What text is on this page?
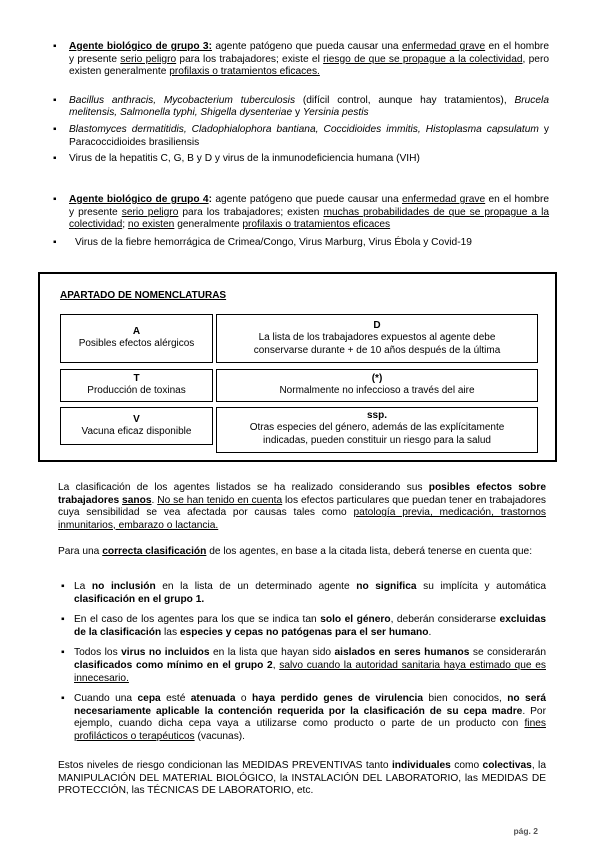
▪ Agente biológico de grupo 3: agente patógeno que pueda causar una enfermedad grave en el hombre y presente serio peligro para los trabajadores; existe el riesgo de que se propague a la colectividad, pero existen generalmente profilaxis o tratamientos eficaces.
▪ Bacillus anthracis, Mycobacterium tuberculosis (difícil control, aunque hay tratamientos), Brucela melitensis, Salmonella typhi, Shigella dysenteriae y Yersinia pestis
▪ Blastomyces dermatitidis, Cladophialophora bantiana, Coccidioides immitis, Histoplasma capsulatum y Paracoccidioides brasiliensis
▪ Virus de la hepatitis C, G, B y D y virus de la inmunodeficiencia humana (VIH)
▪ Agente biológico de grupo 4: agente patógeno que puede causar una enfermedad grave en el hombre y presente serio peligro para los trabajadores; existen muchas probabilidades de que se propague a la colectividad; no existen generalmente profilaxis o tratamientos eficaces
▪ Virus de la fiebre hemorrágica de Crimea/Congo, Virus Marburg, Virus Ébola y Covid-19
APARTADO DE NOMENCLATURAS
A
Posibles efectos alérgicos
D
La lista de los trabajadores expuestos al agente debe conservarse durante + de 10 años después de la última
T
Producción de toxinas
(*)
Normalmente no infeccioso a través del aire
V
Vacuna eficaz disponible
ssp.
Otras especies del género, además de las explícitamente indicadas, pueden constituir un riesgo para la salud

La clasificación de los agentes listados se ha realizado considerando sus posibles efectos sobre trabajadores sanos. No se han tenido en cuenta los efectos particulares que puedan tener en trabajadores cuya sensibilidad se vea afectada por causas tales como patología previa, medicación, trastornos inmunitarios, embarazo o lactancia.

Para una correcta clasificación de los agentes, en base a la citada lista, deberá tenerse en cuenta que:

▪ La no inclusión en la lista de un determinado agente no significa su implícita y automática clasificación en el grupo 1.
▪ En el caso de los agentes para los que se indica tan solo el género, deberán considerarse excluidas de la clasificación las especies y cepas no patógenas para el ser humano.
▪ Todos los virus no incluidos en la lista que hayan sido aislados en seres humanos se considerarán clasificados como mínimo en el grupo 2, salvo cuando la autoridad sanitaria haya estimado que es innecesario.
▪ Cuando una cepa esté atenuada o haya perdido genes de virulencia bien conocidos, no será necesariamente aplicable la contención requerida por la clasificación de su cepa madre. Por ejemplo, cuando dicha cepa vaya a utilizarse como producto o parte de un producto con fines profilácticos o terapéuticos (vacunas).

Estos niveles de riesgo condicionan las MEDIDAS PREVENTIVAS tanto individuales como colectivas, la MANIPULACIÓN DEL MATERIAL BIOLÓGICO, la INSTALACIÓN DEL LABORATORIO, las MEDIDAS DE PROTECCIÓN, las TÉCNICAS DE LABORATORIO, etc.

pág. 2
